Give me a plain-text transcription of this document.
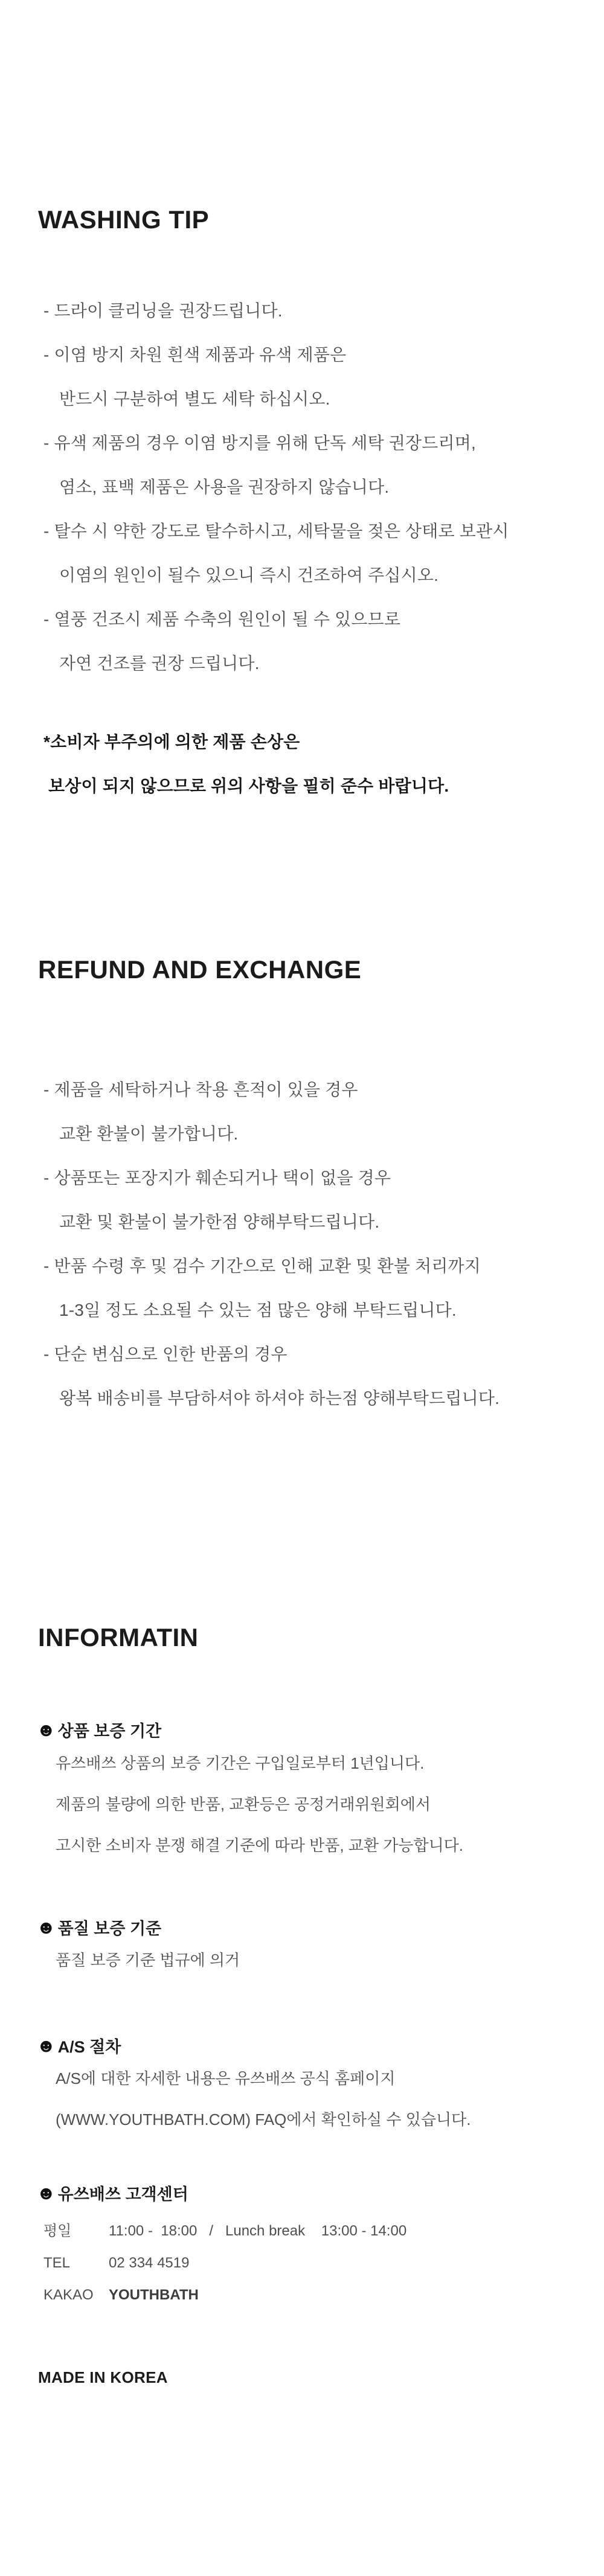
WASHING TIP
- 드라이 클리닝을 권장드립니다.
- 이염 방지 차원 흰색 제품과 유색 제품은
반드시 구분하여 별도 세탁 하십시오.
- 유색 제품의 경우 이염 방지를 위해 단독 세탁 권장드리며,
염소, 표백 제품은 사용을 권장하지 않습니다.
- 탈수 시 약한 강도로 탈수하시고, 세탁물을 젖은 상태로 보관시
이염의 원인이 될수 있으니 즉시 건조하여 주십시오.
- 열풍 건조시 제품 수축의 원인이 될 수 있으므로
자연 건조를 권장 드립니다.
*소비자 부주의에 의한 제품 손상은
보상이 되지 않으므로 위의 사항을 필히 준수 바랍니다.
REFUND AND EXCHANGE
- 제품을 세탁하거나 착용 흔적이 있을 경우
교환 환불이 불가합니다.
- 상품또는 포장지가 훼손되거나 택이 없을 경우
교환 및 환불이 불가한점 양해부탁드립니다.
- 반품 수령 후 및 검수 기간으로 인해 교환 및 환불 처리까지
1-3일 정도 소요될 수 있는 점 많은 양해 부탁드립니다.
- 단순 변심으로 인한 반품의 경우
왕복 배송비를 부담하셔야 하셔야 하는점 양해부탁드립니다.
INFORMATIN
☻ 상품 보증 기간
유쓰배쓰 상품의 보증 기간은 구입일로부터 1년입니다.
제품의 불량에 의한 반품, 교환등은 공정거래위원회에서
고시한 소비자 분쟁 해결 기준에 따라 반품, 교환 가능합니다.
☻ 품질 보증 기준
품질 보증 기준 법규에 의거
☻ A/S 절차
A/S에 대한 자세한 내용은 유쓰배쓰 공식 홈페이지
(WWW.YOUTHBATH.COM) FAQ에서 확인하실 수 있습니다.
☻ 유쓰배쓰 고객센터
평일	11:00 -  18:00   /   Lunch break    13:00 - 14:00
TEL	02 334 4519
KAKAO	YOUTHBATH
MADE IN KOREA
